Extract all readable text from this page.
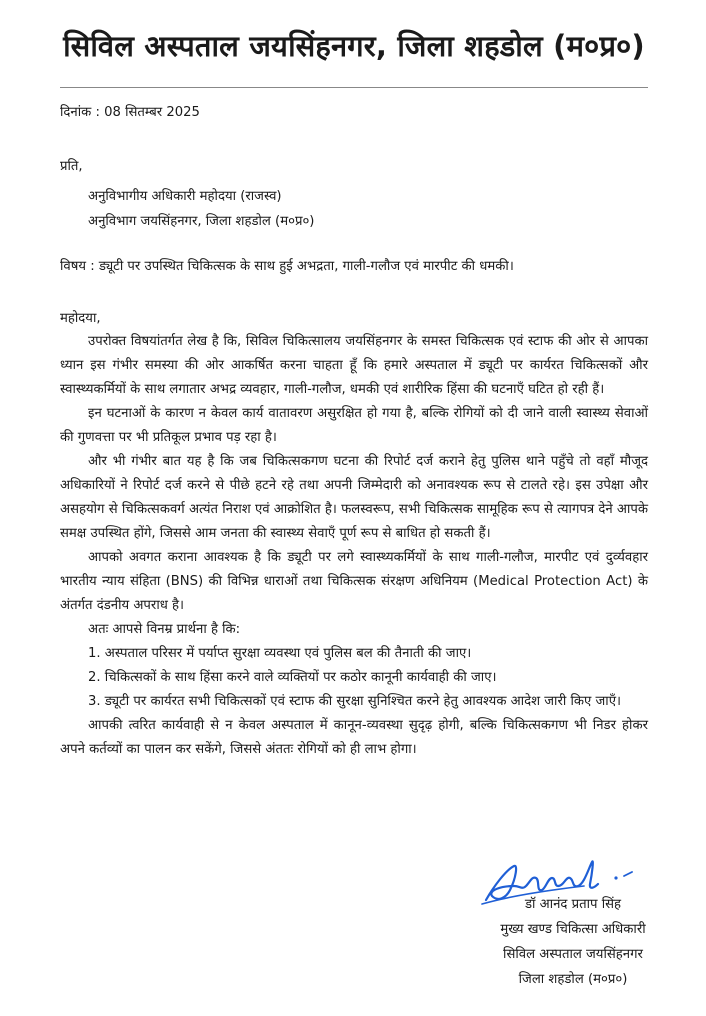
सिविल अस्पताल जयसिंहनगर, जिला शहडोल (म०प्र०)
दिनांक : 08 सितम्बर 2025
प्रति,
अनुविभागीय अधिकारी महोदया (राजस्व)
अनुविभाग जयसिंहनगर, जिला शहडोल (म०प्र०)
विषय : ड्यूटी पर उपस्थित चिकित्सक के साथ हुई अभद्रता, गाली-गलौज एवं मारपीट की धमकी।
महोदया,

उपरोक्त विषयांतर्गत लेख है कि, सिविल चिकित्सालय जयसिंहनगर के समस्त चिकित्सक एवं स्टाफ की ओर से आपका ध्यान इस गंभीर समस्या की ओर आकर्षित करना चाहता हूँ कि हमारे अस्पताल में ड्यूटी पर कार्यरत चिकित्सकों और स्वास्थ्यकर्मियों के साथ लगातार अभद्र व्यवहार, गाली-गलौज, धमकी एवं शारीरिक हिंसा की घटनाएँ घटित हो रही हैं।

इन घटनाओं के कारण न केवल कार्य वातावरण असुरक्षित हो गया है, बल्कि रोगियों को दी जाने वाली स्वास्थ्य सेवाओं की गुणवत्ता पर भी प्रतिकूल प्रभाव पड़ रहा है।

और भी गंभीर बात यह है कि जब चिकित्सकगण घटना की रिपोर्ट दर्ज कराने हेतु पुलिस थाने पहुँचे तो वहाँ मौजूद अधिकारियों ने रिपोर्ट दर्ज करने से पीछे हटने रहे तथा अपनी जिम्मेदारी को अनावश्यक रूप से टालते रहे। इस उपेक्षा और असहयोग से चिकित्सकवर्ग अत्यंत निराश एवं आक्रोशित है। फलस्वरूप, सभी चिकित्सक सामूहिक रूप से त्यागपत्र देने आपके समक्ष उपस्थित होंगे, जिससे आम जनता की स्वास्थ्य सेवाएँ पूर्ण रूप से बाधित हो सकती हैं।

आपको अवगत कराना आवश्यक है कि ड्यूटी पर लगे स्वास्थ्यकर्मियों के साथ गाली-गलौज, मारपीट एवं दुर्व्यवहार भारतीय न्याय संहिता (BNS) की विभिन्न धाराओं तथा चिकित्सक संरक्षण अधिनियम (Medical Protection Act) के अंतर्गत दंडनीय अपराध है।

अतः आपसे विनम्र प्रार्थना है कि:

1. अस्पताल परिसर में पर्याप्त सुरक्षा व्यवस्था एवं पुलिस बल की तैनाती की जाए।

2. चिकित्सकों के साथ हिंसा करने वाले व्यक्तियों पर कठोर कानूनी कार्यवाही की जाए।

3. ड्यूटी पर कार्यरत सभी चिकित्सकों एवं स्टाफ की सुरक्षा सुनिश्चित करने हेतु आवश्यक आदेश जारी किए जाएँ।

आपकी त्वरित कार्यवाही से न केवल अस्पताल में कानून-व्यवस्था सुदृढ़ होगी, बल्कि चिकित्सकगण भी निडर होकर अपने कर्तव्यों का पालन कर सकेंगे, जिससे अंततः रोगियों को ही लाभ होगा।

डॉ आनंद प्रताप सिंह
मुख्य खण्ड चिकित्सा अधिकारी
सिविल अस्पताल जयसिंहनगर
जिला शहडोल (म०प्र०)
